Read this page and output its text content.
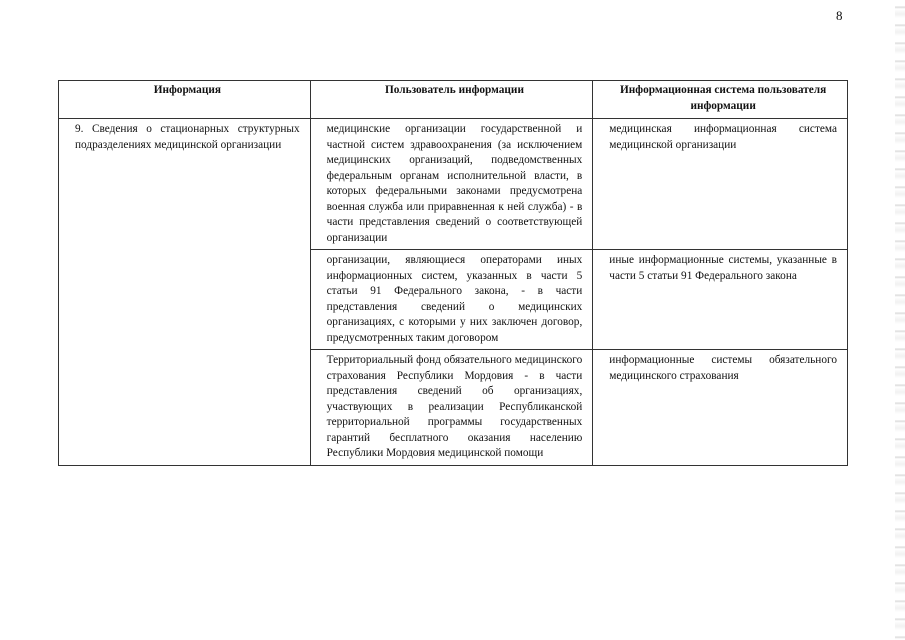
8
Информация	Пользователь информации	Информационная система пользователя информации
9. Сведения о стационарных структурных подразделениях медицинской организации	медицинские организации государственной и частной систем здравоохранения (за исключением медицинских организаций, подведомственных федеральным органам исполнительной власти, в которых федеральными законами предусмотрена военная служба или приравненная к ней служба) - в части представления сведений о соответствующей организации	медицинская информационная система медицинской организации
	организации, являющиеся операторами иных информационных систем, указанных в части 5 статьи 91 Федерального закона, - в части представления сведений о медицинских организациях, с которыми у них заключен договор, предусмотренных таким договором	иные информационные системы, указанные в части 5 статьи 91 Федерального закона
	Территориальный фонд обязательного медицинского страхования Республики Мордовия - в части представления сведений об организациях, участвующих в реализации Республиканской территориальной программы государственных гарантий бесплатного оказания населению Республики Мордовия медицинской помощи	информационные системы обязательного медицинского страхования
